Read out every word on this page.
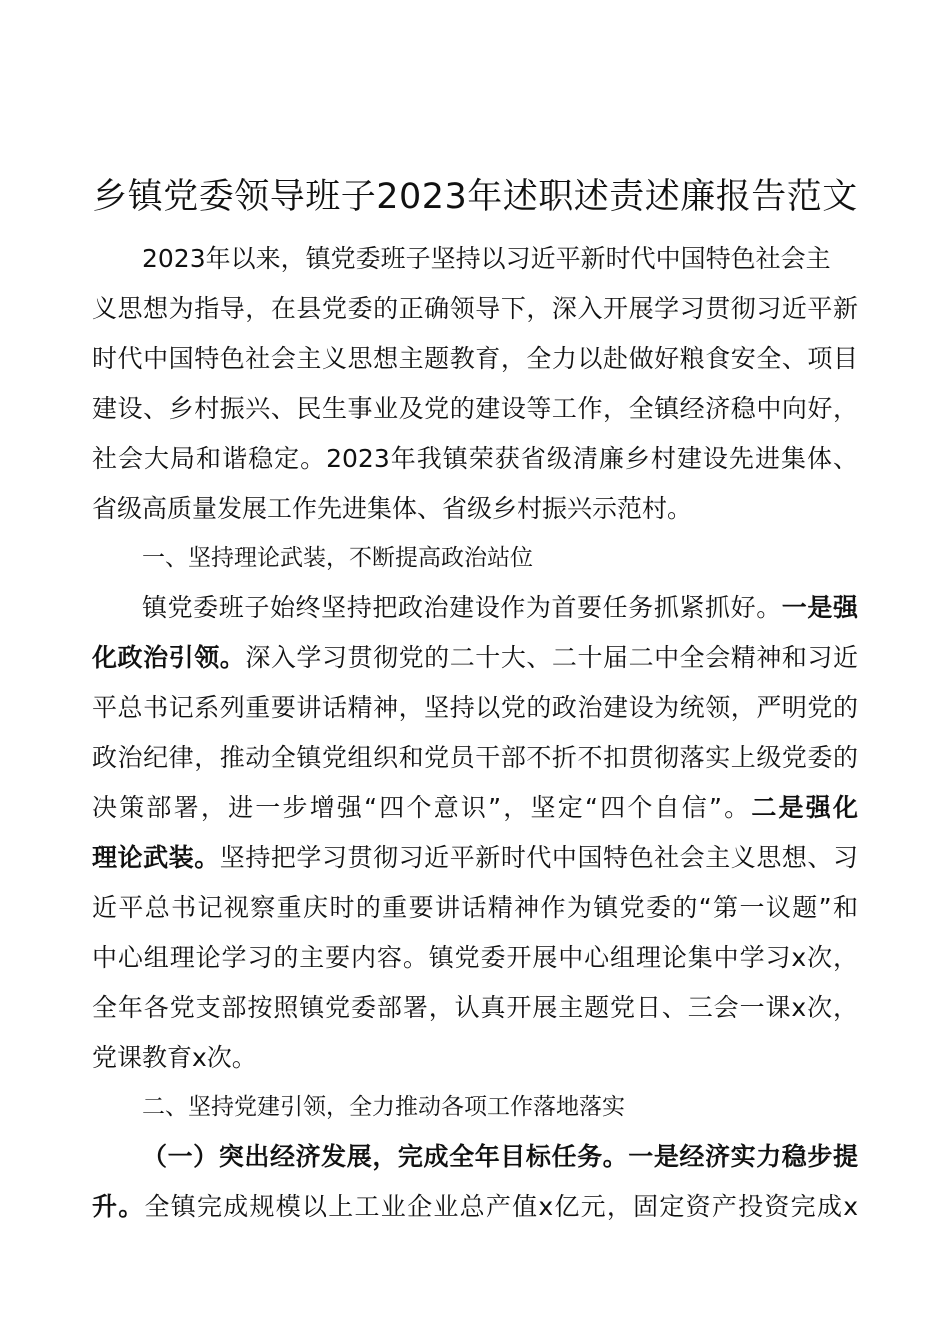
乡镇党委领导班子2023年述职述责述廉报告范文
2023年以来，镇党委班子坚持以习近平新时代中国特色社会主
义思想为指导，在县党委的正确领导下，深入开展学习贯彻习近平新
时代中国特色社会主义思想主题教育，全力以赴做好粮食安全、项目
建设、乡村振兴、民生事业及党的建设等工作，全镇经济稳中向好，
社会大局和谐稳定。2023年我镇荣获省级清廉乡村建设先进集体、
省级高质量发展工作先进集体、省级乡村振兴示范村。
一、坚持理论武装，不断提高政治站位
镇党委班子始终坚持把政治建设作为首要任务抓紧抓好。一是强
化政治引领。深入学习贯彻党的二十大、二十届二中全会精神和习近
平总书记系列重要讲话精神，坚持以党的政治建设为统领，严明党的
政治纪律，推动全镇党组织和党员干部不折不扣贯彻落实上级党委的
决策部署，进一步增强“四个意识”，坚定“四个自信”。二是强化
理论武装。坚持把学习贯彻习近平新时代中国特色社会主义思想、习
近平总书记视察重庆时的重要讲话精神作为镇党委的“第一议题”和
中心组理论学习的主要内容。镇党委开展中心组理论集中学习x次，
全年各党支部按照镇党委部署，认真开展主题党日、三会一课x次，
党课教育x次。
二、坚持党建引领，全力推动各项工作落地落实
（一）突出经济发展，完成全年目标任务。一是经济实力稳步提
升。全镇完成规模以上工业企业总产值x亿元，固定资产投资完成x
